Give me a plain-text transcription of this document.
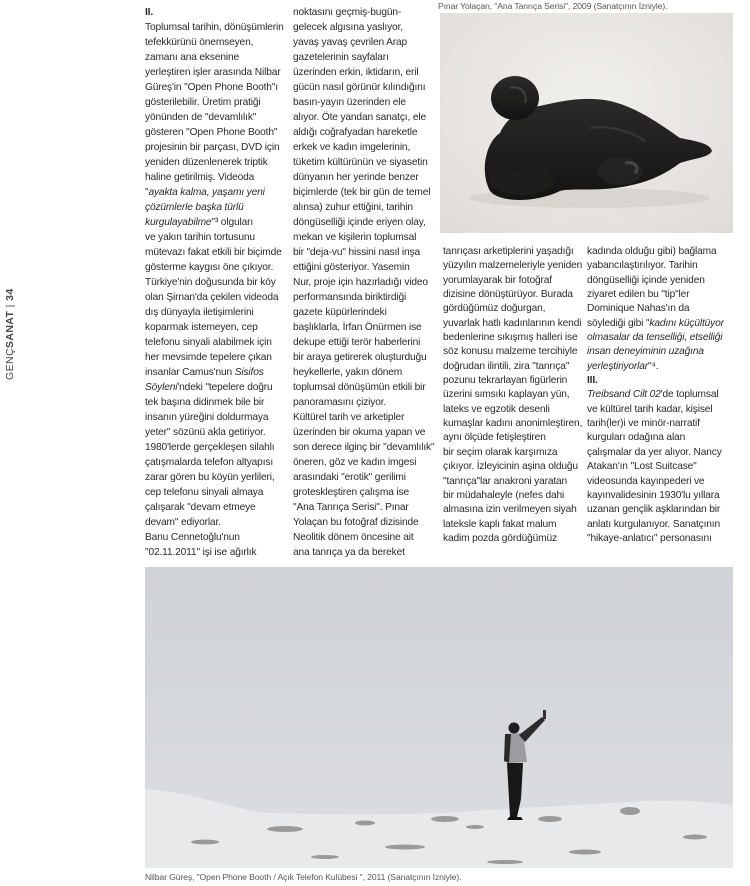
GENÇSANAT | 34
Pınar Yolaçan, "Ana Tanrıça Serisi", 2009 (Sanatçının İzniyle).
II.
Toplumsal tarihin, dönüşümlerin
tefekkürünü önemseyen,
zamanı ana eksenine
yerleştiren işler arasında Nilbar
Güreş'in "Open Phone Booth"ı
gösterilebilir. Üretim pratiği
yönünden de "devamlılık"
gösteren "Open Phone Booth"
projesinin bir parçası, DVD için
yeniden düzenlenerek triptik
haline getirilmiş. Videoda
"ayakta kalma, yaşamı yeni
çözümlerle başka türlü
kurgulayabilme"³ olguları
ve yakın tarihin tortusunu
mütevazı fakat etkili bir biçimde
gösterme kaygısı öne çıkıyor.
Türkiye'nin doğusunda bir köy
olan Şirnan'da çekilen videoda
dış dünyayla iletişimlerini
koparmak istemeyen, cep
telefonu sinyali alabilmek için
her mevsimde tepelere çıkan
insanlar Camus'nun Sisifos
Söyleni'ndeki "tepelere doğru
tek başına didinmek bile bir
insanın yüreğini doldurmaya
yeter" sözünü akla getiriyor.
1980'lerde gerçekleşen silahlı
çatışmalarda telefon altyapısı
zarar gören bu köyün yerlileri,
cep telefonu sinyali almaya
çalışarak "devam etmeye
devam" ediyorlar.
Banu Cennetoğlu'nun
"02.11.2011" işi ise ağırlık
noktasını geçmiş-bugün-
gelecek algısına yaslıyor,
yavaş yavaş çevrilen Arap
gazetelerinin sayfaları
üzerinden erkin, iktidarın, eril
gücün nasıl görünür kılındığını
basın-yayın üzerinden ele
alıyor. Öte yandan sanatçı, ele
aldığı coğrafyadan hareketle
erkek ve kadın imgelerinin,
tüketim kültürünün ve siyasetin
dünyanın her yerinde benzer
biçimlerde (tek bir gün de temel
alınsa) zuhur ettiğini, tarihin
döngüselliği içinde eriyen olay,
mekan ve kişilerin toplumsal
bir "deja-vu" hissini nasıl inşa
ettiğini gösteriyor. Yasemin
Nur, proje için hazırladığı video
performansında biriktirdiği
gazete küpürlerindeki
başlıklarla, İrfan Önürmen ise
dekupe ettiği terör haberlerini
bir araya getirerek oluşturduğu
heykellerle, yakın dönem
toplumsal dönüşümün etkili bir
panoramasını çiziyor.
Kültürel tarih ve arketipler
üzerinden bir okuma yapan ve
son derece ilginç bir "devamlılık"
öneren, göz ve kadın imgesi
arasındaki "erotik" gerilimi
grotesklеştiren çalışma ise
"Ana Tanrıça Serisi". Pınar
Yolaçan bu fotoğraf dizisinde
Neolitik dönem öncesine ait
ana tanrıça ya da bereket
tanrıçası arketiplerini yaşadığı
yüzyılın malzemeleriyle yeniden
yorumlayarak bir fotoğraf
dizisine dönüştürüyor. Burada
gördüğümüz doğurgan,
yuvarlak hatlı kadınlarının kendi
bedenlerine sıkışmış halleri ise
söz konusu malzeme tercihiyle
doğrudan ilintili, zira "tanrıça"
pozunu tekrarlayan figürlerin
üzerini sımsıkı kaplayan yün,
lateks ve egzotik desenli
kumaşlar kadını anonimleştiren,
aynı ölçüde fetişleştiren
bir seçim olarak karşımıza
çıkıyor. İzleyicinin aşina olduğu
"tanrıça"lar anakroni yaratan
bir müdahaleyle (nefes dahi
almasına izin verilmeyen siyah
lateksle kaplı fakat malum
kadim pozda gördüğümüz
kadında olduğu gibi) bağlama
yabancılaştırılıyor. Tarihin
döngüselliği içinde yeniden
ziyaret edilen bu "tip"ler
Dominique Nahas'ın da
söylediği gibi "kadını küçültüyor
olmasalar da tenselliği, etselliği
insan deneyiminin uzağına
yerleştiriyorlar"⁴.
III.
Treibsand Cilt 02'de toplumsal
ve kültürel tarih kadar, kişisel
tarih(ler)i ve minör-narratif
kurguları odağına alan
çalışmalar da yer alıyor. Nancy
Atakan'ın "Lost Suitcase"
videosunda kayınpederi ve
kayınvalidesinin 1930'lu yıllara
uzanan gençlik aşklarından bir
anlatı kurgulanıyor. Sanatçının
"hikaye-anlatıcı" personasını
Nilbar Güreş, "Open Phone Booth / Açık Telefon Kulübesi ", 2011 (Sanatçının İzniyle).
